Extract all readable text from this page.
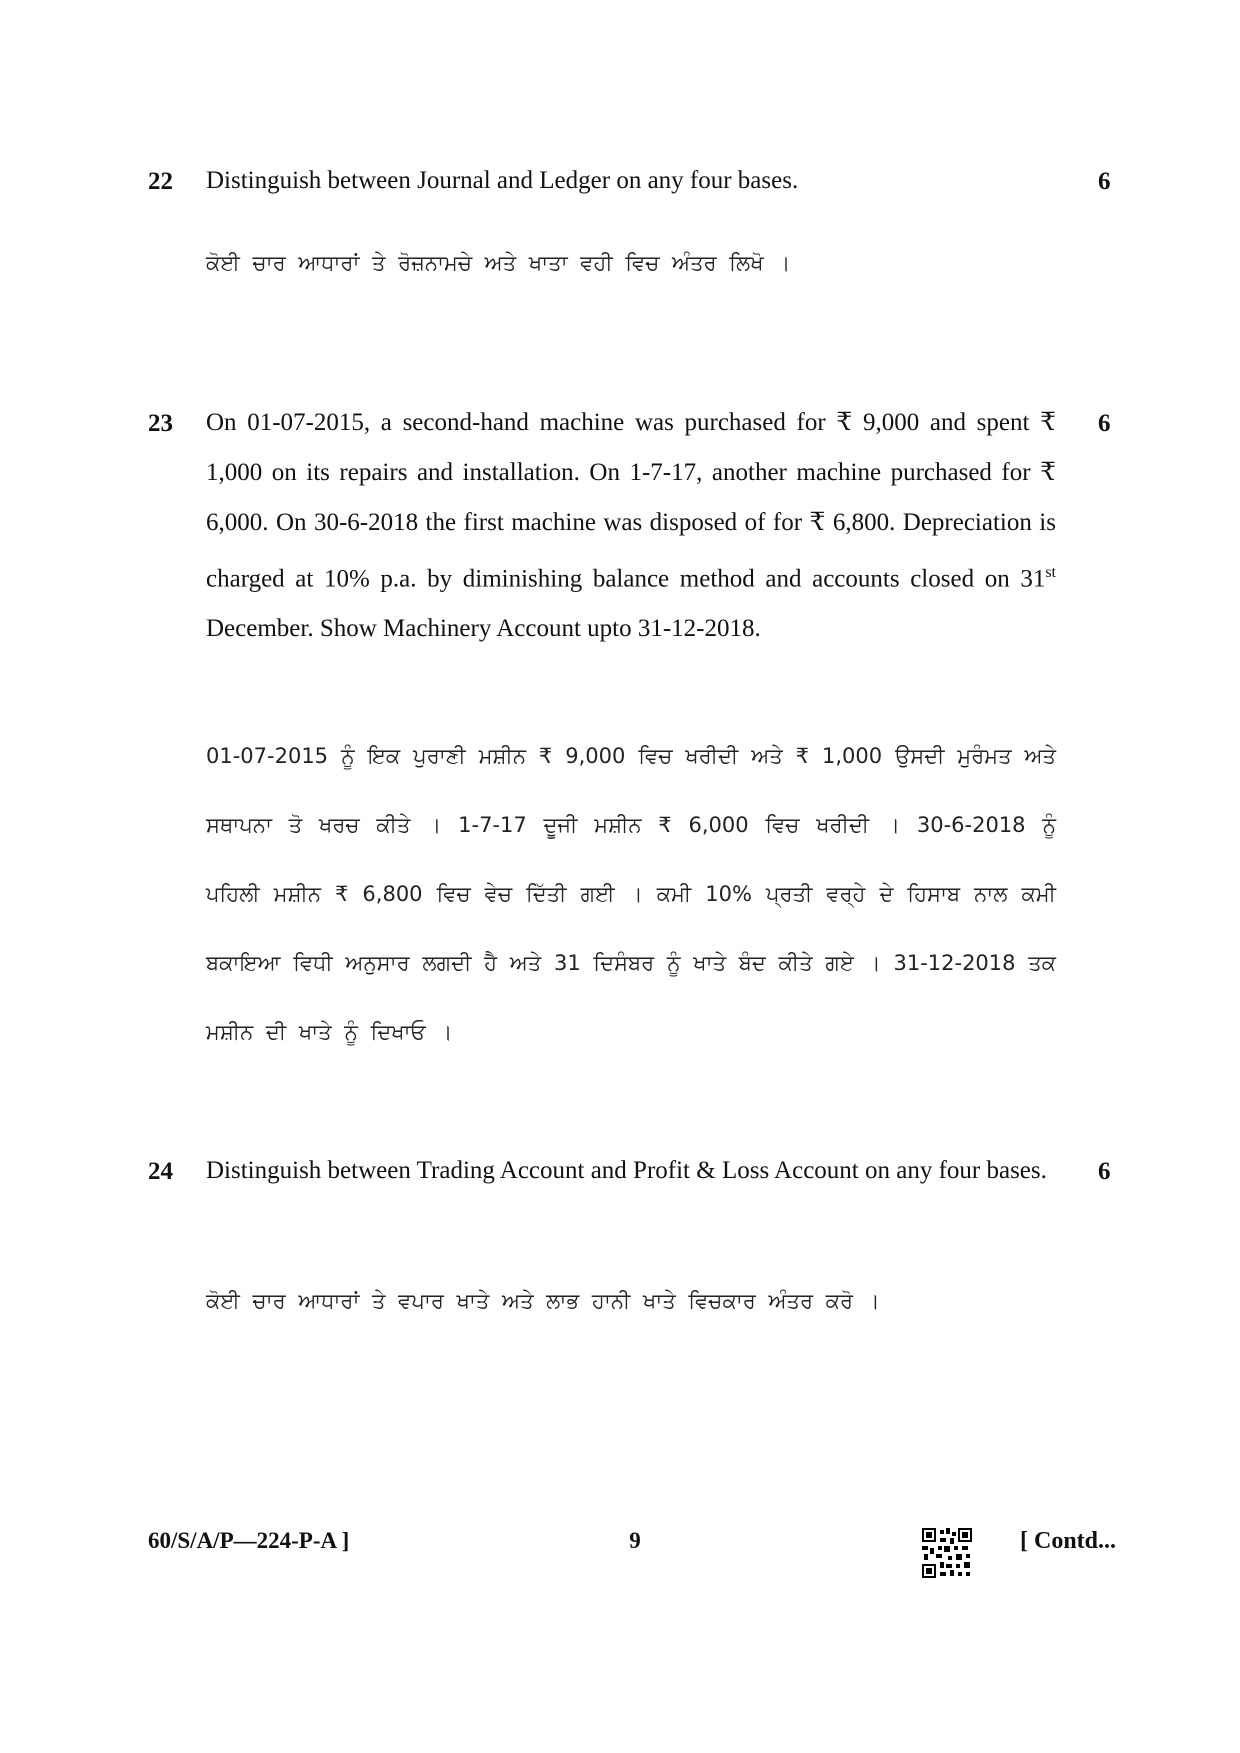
22	6
Distinguish between Journal and Ledger on any four bases.
ਕੋਈ ਚਾਰ ਆਧਾਰਾਂ ਤੇ ਰੋਜ਼ਨਾਮਚੇ ਅਤੇ ਖਾਤਾ ਵਹੀ ਵਿਚ ਅੰਤਰ ਲਿਖੋ ।
23	6
On 01-07-2015, a second-hand machine was purchased for ₹ 9,000 and spent ₹ 1,000 on its repairs and installation. On 1-7-17, another machine purchased for ₹ 6,000. On 30-6-2018 the first machine was disposed of for ₹ 6,800. Depreciation is charged at 10% p.a. by diminishing balance method and accounts closed on 31st December. Show Machinery Account upto 31-12-2018.
01-07-2015 ਨੂੰ ਇਕ ਪੁਰਾਣੀ ਮਸ਼ੀਨ ₹ 9,000 ਵਿਚ ਖਰੀਦੀ ਅਤੇ ₹ 1,000 ਉਸਦੀ ਮੁਰੰਮਤ ਅਤੇ ਸਥਾਪਨਾ ਤੋ ਖਰਚ ਕੀਤੇ । 1-7-17 ਦੂਜੀ ਮਸ਼ੀਨ ₹ 6,000 ਵਿਚ ਖਰੀਦੀ । 30-6-2018 ਨੂੰ ਪਹਿਲੀ ਮਸ਼ੀਨ ₹ 6,800 ਵਿਚ ਵੇਚ ਦਿੱਤੀ ਗਈ । ਕਮੀ 10% ਪ੍ਰਤੀ ਵਰ੍ਹੇ ਦੇ ਹਿਸਾਬ ਨਾਲ ਕਮੀ ਬਕਾਇਆ ਵਿਧੀ ਅਨੁਸਾਰ ਲਗਦੀ ਹੈ ਅਤੇ 31 ਦਿਸੰਬਰ ਨੂੰ ਖਾਤੇ ਬੰਦ ਕੀਤੇ ਗਏ । 31-12-2018 ਤਕ ਮਸ਼ੀਨ ਦੀ ਖਾਤੇ ਨੂੰ ਦਿਖਾਓ ।
24	6
Distinguish between Trading Account and Profit & Loss Account on any four bases.
ਕੋਈ ਚਾਰ ਆਧਾਰਾਂ ਤੇ ਵਪਾਰ ਖਾਤੇ ਅਤੇ ਲਾਭ ਹਾਨੀ ਖਾਤੇ ਵਿਚਕਾਰ ਅੰਤਰ ਕਰੋ ।
60/S/A/P—224-P-A ]	9	[ Contd...
